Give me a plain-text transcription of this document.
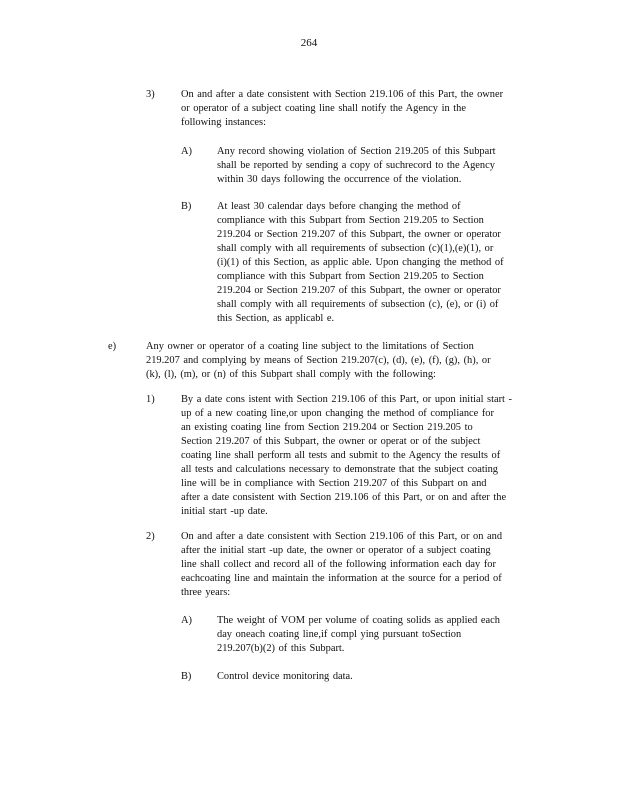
264
3)	On and after a date consistent with Section 219.106 of this Part, the owner
or operator of a subject coating line shall notify the Agency in the
following instances:
A) Any record showing violation of Section 219.205 of this Subpart
shall be reported by sending a copy of suchrecord to the Agency
within 30 days following the occurrence of the violation.
B) At least 30 calendar days before changing the method of
compliance with this Subpart from Section 219.205 to Section
219.204 or Section 219.207 of this Subpart, the owner or operator
shall comply with all requirements of subsection (c)(1),(e)(1), or
(i)(1) of this Section, as applic able. Upon changing the method of
compliance with this Subpart from Section 219.205 to Section
219.204 or Section 219.207 of this Subpart, the owner or operator
shall comply with all requirements of subsection (c), (e), or (i) of
this Section, as applicabl e.
e)	Any owner or operator of a coating line subject to the limitations of Section
219.207 and complying by means of Section 219.207(c), (d), (e), (f), (g), (h), or
(k), (l), (m), or (n) of this Subpart shall comply with the following:
1)	By a date cons istent with Section 219.106 of this Part, or upon initial start -
up of a new coating line,or upon changing the method of compliance for
an existing coating line from Section 219.204 or Section 219.205 to
Section 219.207 of this Subpart, the owner or operat or of the subject
coating line shall perform all tests and submit to the Agency the results of
all tests and calculations necessary to demonstrate that the subject coating
line will be in compliance with Section 219.207 of this Subpart on and
after a date consistent with Section 219.106 of this Part, or on and after the
initial start -up date.
2)	On and after a date consistent with Section 219.106 of this Part, or on and
after the initial start -up date, the owner or operator of a subject coating
line shall collect and record all of the following information each day for
eachcoating line and maintain the information at the source for a period of
three years:
A) The weight of VOM per volume of coating solids as applied each
day oneach coating line,if compl ying pursuant toSection
219.207(b)(2) of this Subpart.
B) Control device monitoring data.
